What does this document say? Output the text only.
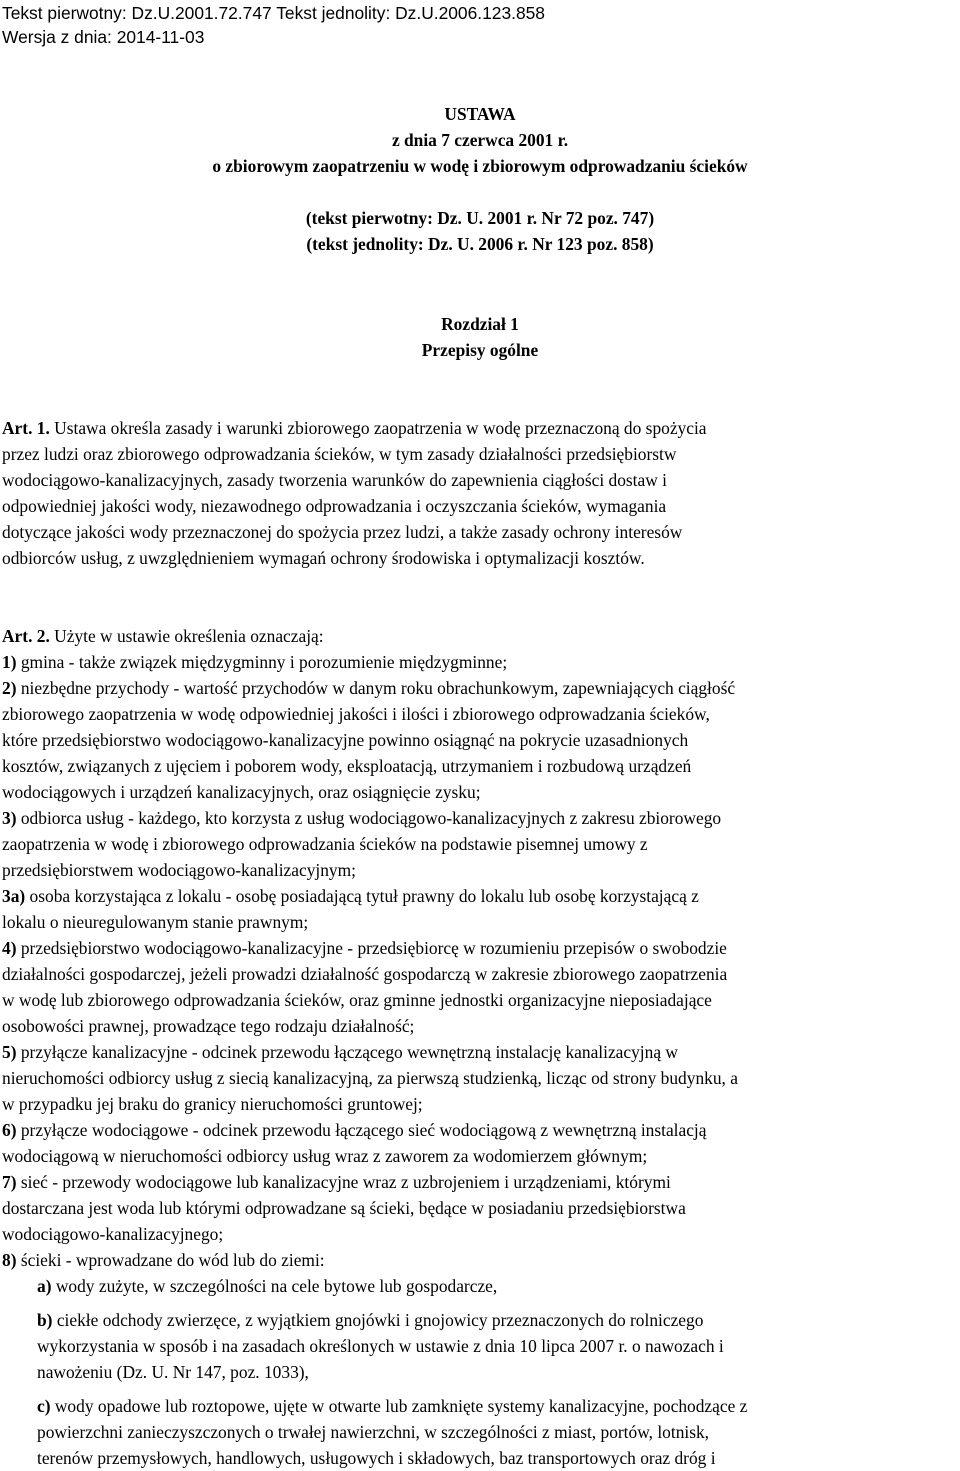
Tekst pierwotny: Dz.U.2001.72.747 Tekst jednolity: Dz.U.2006.123.858
Wersja z dnia: 2014-11-03
USTAWA
z dnia 7 czerwca 2001 r.
o zbiorowym zaopatrzeniu w wodę i zbiorowym odprowadzaniu ścieków
(tekst pierwotny: Dz. U. 2001 r. Nr 72 poz. 747)
(tekst jednolity: Dz. U. 2006 r. Nr 123 poz. 858)
Rozdział 1
Przepisy ogólne

Art. 1. Ustawa określa zasady i warunki zbiorowego zaopatrzenia w wodę przeznaczoną do spożycia

przez ludzi oraz zbiorowego odprowadzania ścieków, w tym zasady działalności przedsiębiorstw

wodociągowo-kanalizacyjnych, zasady tworzenia warunków do zapewnienia ciągłości dostaw i

odpowiedniej jakości wody, niezawodnego odprowadzania i oczyszczania ścieków, wymagania

dotyczące jakości wody przeznaczonej do spożycia przez ludzi, a także zasady ochrony interesów

odbiorców usług, z uwzględnieniem wymagań ochrony środowiska i optymalizacji kosztów.

Art. 2. Użyte w ustawie określenia oznaczają:

1) gmina - także związek międzygminny i porozumienie międzygminne;

2) niezbędne przychody - wartość przychodów w danym roku obrachunkowym, zapewniających ciągłość

zbiorowego zaopatrzenia w wodę odpowiedniej jakości i ilości i zbiorowego odprowadzania ścieków,

które przedsiębiorstwo wodociągowo-kanalizacyjne powinno osiągnąć na pokrycie uzasadnionych

kosztów, związanych z ujęciem i poborem wody, eksploatacją, utrzymaniem i rozbudową urządzeń

wodociągowych i urządzeń kanalizacyjnych, oraz osiągnięcie zysku;

3) odbiorca usług - każdego, kto korzysta z usług wodociągowo-kanalizacyjnych z zakresu zbiorowego

zaopatrzenia w wodę i zbiorowego odprowadzania ścieków na podstawie pisemnej umowy z

przedsiębiorstwem wodociągowo-kanalizacyjnym;

3a) osoba korzystająca z lokalu - osobę posiadającą tytuł prawny do lokalu lub osobę korzystającą z

lokalu o nieuregulowanym stanie prawnym;

4) przedsiębiorstwo wodociągowo-kanalizacyjne - przedsiębiorcę w rozumieniu przepisów o swobodzie

działalności gospodarczej, jeżeli prowadzi działalność gospodarczą w zakresie zbiorowego zaopatrzenia

w wodę lub zbiorowego odprowadzania ścieków, oraz gminne jednostki organizacyjne nieposiadające

osobowości prawnej, prowadzące tego rodzaju działalność;

5) przyłącze kanalizacyjne - odcinek przewodu łączącego wewnętrzną instalację kanalizacyjną w

nieruchomości odbiorcy usług z siecią kanalizacyjną, za pierwszą studzienką, licząc od strony budynku, a

w przypadku jej braku do granicy nieruchomości gruntowej;

6) przyłącze wodociągowe - odcinek przewodu łączącego sieć wodociągową z wewnętrzną instalacją

wodociągową w nieruchomości odbiorcy usług wraz z zaworem za wodomierzem głównym;

7) sieć - przewody wodociągowe lub kanalizacyjne wraz z uzbrojeniem i urządzeniami, którymi

dostarczana jest woda lub którymi odprowadzane są ścieki, będące w posiadaniu przedsiębiorstwa

wodociągowo-kanalizacyjnego;

8) ścieki - wprowadzane do wód lub do ziemi:

a) wody zużyte, w szczególności na cele bytowe lub gospodarcze,

b) ciekłe odchody zwierzęce, z wyjątkiem gnojówki i gnojowicy przeznaczonych do rolniczego

wykorzystania w sposób i na zasadach określonych w ustawie z dnia 10 lipca 2007 r. o nawozach i

nawożeniu (Dz. U. Nr 147, poz. 1033),

c) wody opadowe lub roztopowe, ujęte w otwarte lub zamknięte systemy kanalizacyjne, pochodzące z

powierzchni zanieczyszczonych o trwałej nawierzchni, w szczególności z miast, portów, lotnisk,

terenów przemysłowych, handlowych, usługowych i składowych, baz transportowych oraz dróg i
